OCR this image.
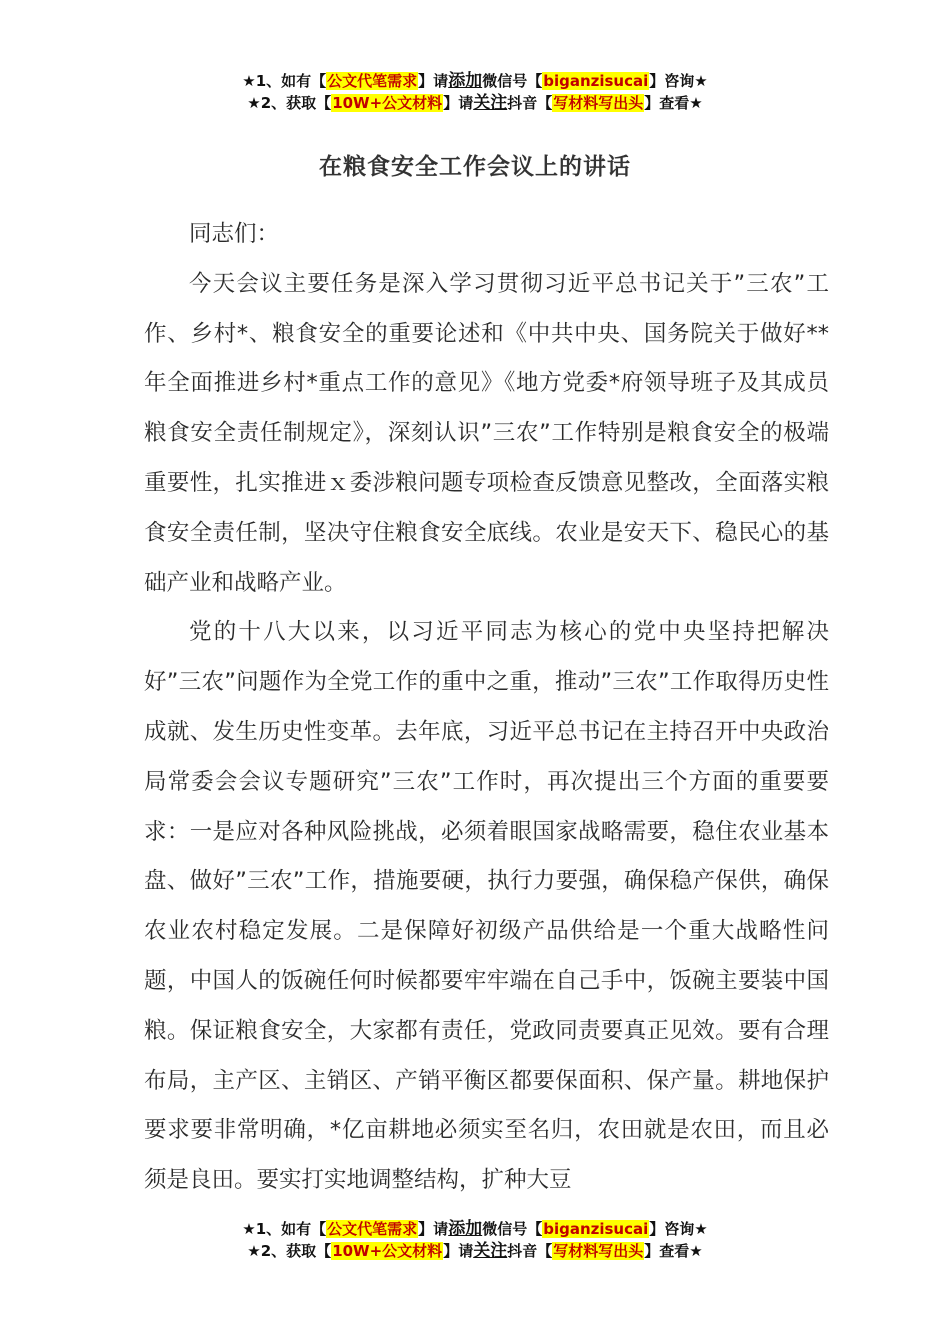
★1、如有【公文代笔需求】请添加微信号【biganzisucai】咨询★
★2、获取【10W+公文材料】请关注抖音【写材料写出头】查看★
在粮食安全工作会议上的讲话

同志们：

今天会议主要任务是深入学习贯彻习近平总书记关于”三农”工作、乡村*、粮食安全的重要论述和《中共中央、国务院关于做好**年全面推进乡村*重点工作的意见》《地方党委*府领导班子及其成员粮食安全责任制规定》，深刻认识”三农”工作特别是粮食安全的极端重要性，扎实推进ｘ委涉粮问题专项检查反馈意见整改，全面落实粮食安全责任制，坚决守住粮食安全底线。农业是安天下、稳民心的基础产业和战略产业。

党的十八大以来，以习近平同志为核心的党中央坚持把解决好”三农”问题作为全党工作的重中之重，推动”三农”工作取得历史性成就、发生历史性变革。去年底，习近平总书记在主持召开中央政治局常委会会议专题研究”三农”工作时，再次提出三个方面的重要要求：一是应对各种风险挑战，必须着眼国家战略需要，稳住农业基本盘、做好”三农”工作，措施要硬，执行力要强，确保稳产保供，确保农业农村稳定发展。二是保障好初级产品供给是一个重大战略性问题，中国人的饭碗任何时候都要牢牢端在自己手中，饭碗主要装中国粮。保证粮食安全，大家都有责任，党政同责要真正见效。要有合理布局，主产区、主销区、产销平衡区都要保面积、保产量。耕地保护要求要非常明确，*亿亩耕地必须实至名归，农田就是农田，而且必须是良田。要实打实地调整结构，扩种大豆

★1、如有【公文代笔需求】请添加微信号【biganzisucai】咨询★
★2、获取【10W+公文材料】请关注抖音【写材料写出头】查看★
